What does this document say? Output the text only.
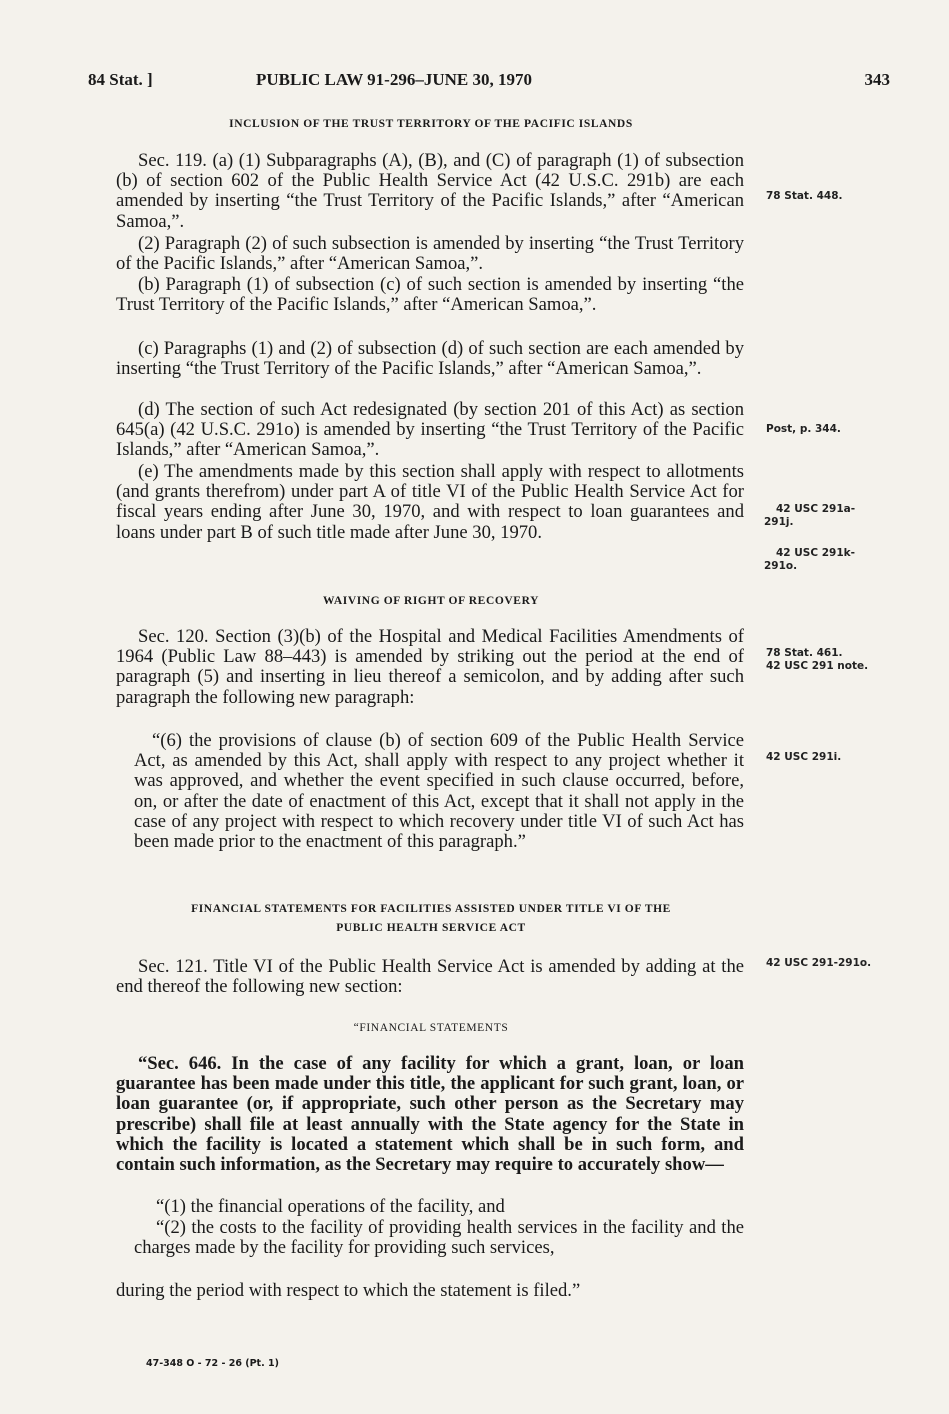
84 Stat. ]	PUBLIC LAW 91-296–JUNE 30, 1970	343
INCLUSION OF THE TRUST TERRITORY OF THE PACIFIC ISLANDS

Sec. 119. (a) (1) Subparagraphs (A), (B), and (C) of paragraph (1) of subsection (b) of section 602 of the Public Health Service Act (42 U.S.C. 291b) are each amended by inserting “the Trust Territory of the Pacific Islands,” after “American Samoa,”.

(2) Paragraph (2) of such subsection is amended by inserting “the Trust Territory of the Pacific Islands,” after “American Samoa,”.

(b) Paragraph (1) of subsection (c) of such section is amended by inserting “the Trust Territory of the Pacific Islands,” after “American Samoa,”.

(c) Paragraphs (1) and (2) of subsection (d) of such section are each amended by inserting “the Trust Territory of the Pacific Islands,” after “American Samoa,”.

(d) The section of such Act redesignated (by section 201 of this Act) as section 645(a) (42 U.S.C. 291o) is amended by inserting “the Trust Territory of the Pacific Islands,” after “American Samoa,”.

(e) The amendments made by this section shall apply with respect to allotments (and grants therefrom) under part A of title VI of the Public Health Service Act for fiscal years ending after June 30, 1970, and with respect to loan guarantees and loans under part B of such title made after June 30, 1970.

WAIVING OF RIGHT OF RECOVERY

Sec. 120. Section (3)(b) of the Hospital and Medical Facilities Amendments of 1964 (Public Law 88–443) is amended by striking out the period at the end of paragraph (5) and inserting in lieu thereof a semicolon, and by adding after such paragraph the following new paragraph:

“(6) the provisions of clause (b) of section 609 of the Public Health Service Act, as amended by this Act, shall apply with respect to any project whether it was approved, and whether the event specified in such clause occurred, before, on, or after the date of enactment of this Act, except that it shall not apply in the case of any project with respect to which recovery under title VI of such Act has been made prior to the enactment of this paragraph.”

FINANCIAL STATEMENTS FOR FACILITIES ASSISTED UNDER TITLE VI OF THE
PUBLIC HEALTH SERVICE ACT

Sec. 121. Title VI of the Public Health Service Act is amended by adding at the end thereof the following new section:

“FINANCIAL STATEMENTS

“Sec. 646. In the case of any facility for which a grant, loan, or loan guarantee has been made under this title, the applicant for such grant, loan, or loan guarantee (or, if appropriate, such other person as the Secretary may prescribe) shall file at least annually with the State agency for the State in which the facility is located a statement which shall be in such form, and contain such information, as the Secretary may require to accurately show—

“(1) the financial operations of the facility, and

“(2) the costs to the facility of providing health services in the facility and the charges made by the facility for providing such services,

during the period with respect to which the statement is filed.”

78 Stat. 448.
Post, p. 344.
42 USC 291a-
291j.
42 USC 291k-
291o.
78 Stat. 461.
42 USC 291 note.
42 USC 291i.
42 USC 291-291o.
47-348 O - 72 - 26 (Pt. 1)
